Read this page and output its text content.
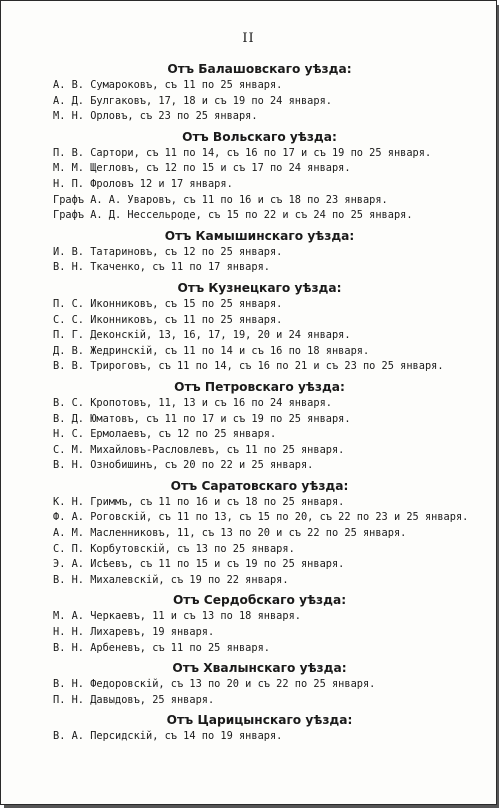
II
Отъ Балашовскаго уѣзда:
А. В. Сумароковъ, съ 11 по 25 января.
А. Д. Булгаковъ, 17, 18 и съ 19 по 24 января.
М. Н. Орловъ, съ 23 по 25 января.
Отъ Вольскаго уѣзда:
П. В. Сартори, съ 11 по 14, съ 16 по 17 и съ 19 по 25 января.
М. М. Щегловъ, съ 12 по 15 и съ 17 по 24 января.
Н. П. Фроловъ 12 и 17 января.
Графъ А. А. Уваровъ, съ 11 по 16 и съ 18 по 23 января.
Графъ А. Д. Нессельроде, съ 15 по 22 и съ 24 по 25 января.
Отъ Камышинскаго уѣзда:
И. В. Татариновъ, съ 12 по 25 января.
В. Н. Ткаченко, съ 11 по 17 января.
Отъ Кузнецкаго уѣзда:
П. С. Иконниковъ, съ 15 по 25 января.
С. С. Иконниковъ, съ 11 по 25 января.
П. Г. Деконскій, 13, 16, 17, 19, 20 и 24 января.
Д. В. Жедринскій, съ 11 по 14 и съ 16 по 18 января.
В. В. Трироговъ, съ 11 по 14, съ 16 по 21 и съ 23 по 25 января.
Отъ Петровскаго уѣзда:
В. С. Кропотовъ, 11, 13 и съ 16 по 24 января.
В. Д. Юматовъ, съ 11 по 17 и съ 19 по 25 января.
Н. С. Ермолаевъ, съ 12 по 25 января.
С. М. Михайловъ-Расловлевъ, съ 11 по 25 января.
В. Н. Ознобишинъ, съ 20 по 22 и 25 января.
Отъ Саратовскаго уѣзда:
К. Н. Гриммъ, съ 11 по 16 и съ 18 по 25 января.
Ф. А. Роговскій, съ 11 по 13, съ 15 по 20, съ 22 по 23 и 25 января.
А. М. Масленниковъ, 11, съ 13 по 20 и съ 22 по 25 января.
С. П. Корбутовскій, съ 13 по 25 января.
Э. А. Исѣевъ, съ 11 по 15 и съ 19 по 25 января.
В. Н. Михалевскій, съ 19 по 22 января.
Отъ Сердобскаго уѣзда:
М. А. Черкаевъ, 11 и съ 13 по 18 января.
Н. Н. Лихаревъ, 19 января.
В. Н. Арбеневъ, съ 11 по 25 января.
Отъ Хвалынскаго уѣзда:
В. Н. Федоровскій, съ 13 по 20 и съ 22 по 25 января.
П. Н. Давыдовъ, 25 января.
Отъ Царицынскаго уѣзда:
В. А. Персидскій, съ 14 по 19 января.
